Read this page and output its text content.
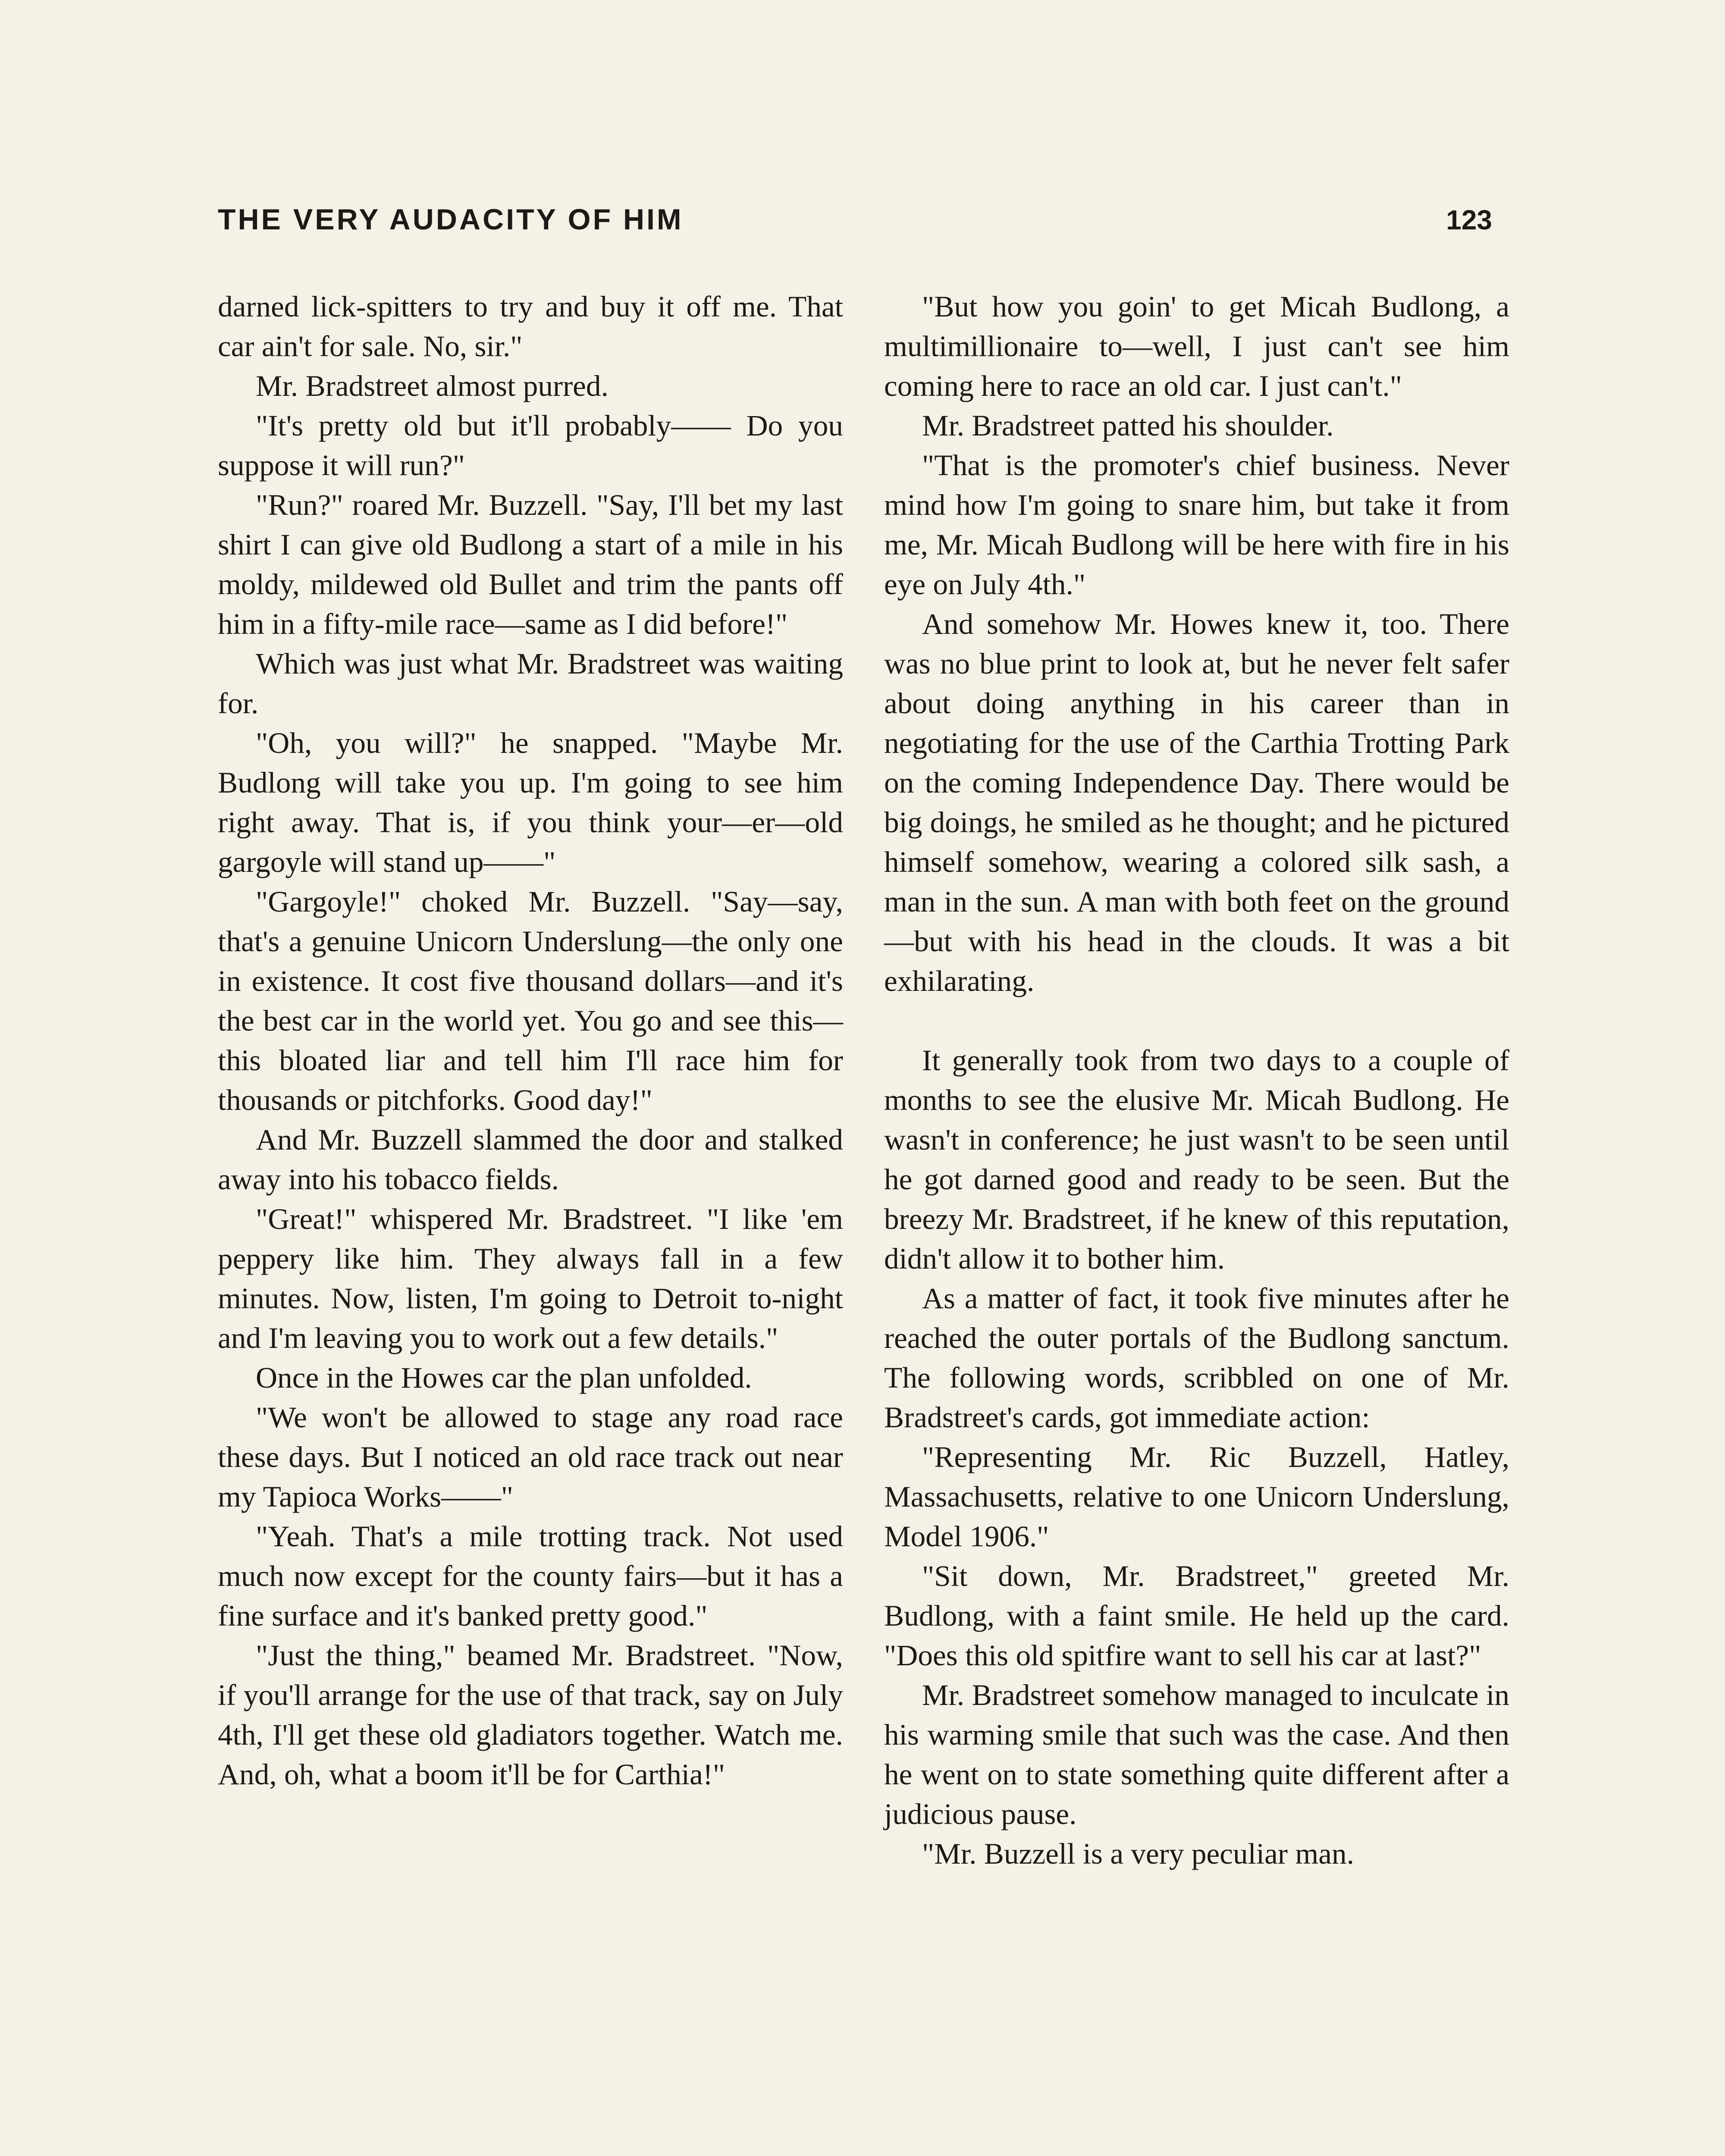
THE VERY AUDACITY OF HIM	123

darned lick-spitters to try and buy it off me. That car ain't for sale. No, sir."

Mr. Bradstreet almost purred.

"It's pretty old but it'll probably—— Do you suppose it will run?"

"Run?" roared Mr. Buzzell. "Say, I'll bet my last shirt I can give old Budlong a start of a mile in his moldy, mildewed old Bullet and trim the pants off him in a fifty-mile race—same as I did before!"

Which was just what Mr. Bradstreet was waiting for.

"Oh, you will?" he snapped. "Maybe Mr. Budlong will take you up. I'm going to see him right away. That is, if you think your—er—old gargoyle will stand up——"

"Gargoyle!" choked Mr. Buzzell. "Say—say, that's a genuine Unicorn Underslung—the only one in existence. It cost five thousand dollars—and it's the best car in the world yet. You go and see this—this bloated liar and tell him I'll race him for thousands or pitchforks. Good day!"

And Mr. Buzzell slammed the door and stalked away into his tobacco fields.

"Great!" whispered Mr. Bradstreet. "I like 'em peppery like him. They always fall in a few minutes. Now, listen, I'm going to Detroit to-night and I'm leaving you to work out a few details."

Once in the Howes car the plan unfolded.

"We won't be allowed to stage any road race these days. But I noticed an old race track out near my Tapioca Works——"

"Yeah. That's a mile trotting track. Not used much now except for the county fairs—but it has a fine surface and it's banked pretty good."

"Just the thing," beamed Mr. Bradstreet. "Now, if you'll arrange for the use of that track, say on July 4th, I'll get these old gladiators together. Watch me. And, oh, what a boom it'll be for Carthia!"

"But how you goin' to get Micah Budlong, a multimillionaire to—well, I just can't see him coming here to race an old car. I just can't."

Mr. Bradstreet patted his shoulder.

"That is the promoter's chief business. Never mind how I'm going to snare him, but take it from me, Mr. Micah Budlong will be here with fire in his eye on July 4th."

And somehow Mr. Howes knew it, too. There was no blue print to look at, but he never felt safer about doing anything in his career than in negotiating for the use of the Carthia Trotting Park on the coming Independence Day. There would be big doings, he smiled as he thought; and he pictured himself somehow, wearing a colored silk sash, a man in the sun. A man with both feet on the ground—but with his head in the clouds. It was a bit exhilarating.

It generally took from two days to a couple of months to see the elusive Mr. Micah Budlong. He wasn't in conference; he just wasn't to be seen until he got darned good and ready to be seen. But the breezy Mr. Bradstreet, if he knew of this reputation, didn't allow it to bother him.

As a matter of fact, it took five minutes after he reached the outer portals of the Budlong sanctum. The following words, scribbled on one of Mr. Bradstreet's cards, got immediate action:

"Representing Mr. Ric Buzzell, Hatley, Massachusetts, relative to one Unicorn Underslung, Model 1906."

"Sit down, Mr. Bradstreet," greeted Mr. Budlong, with a faint smile. He held up the card. "Does this old spitfire want to sell his car at last?"

Mr. Bradstreet somehow managed to inculcate in his warming smile that such was the case. And then he went on to state something quite different after a judicious pause.

"Mr. Buzzell is a very peculiar man.
